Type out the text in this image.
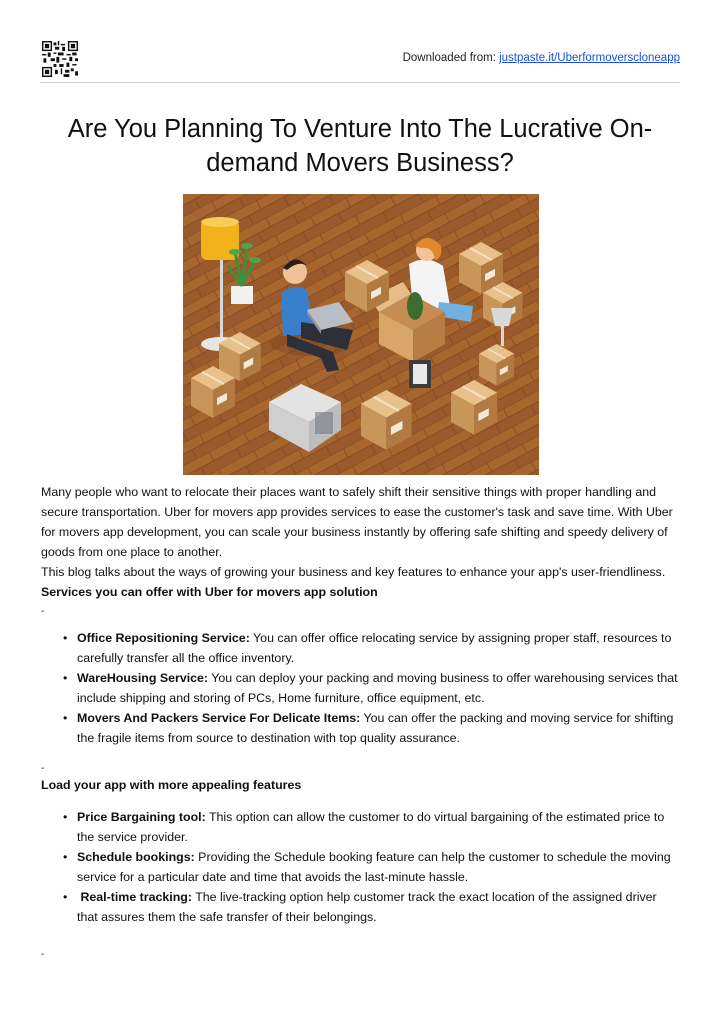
Downloaded from: justpaste.it/Uberformoverscloneapp
Are You Planning To Venture Into The Lucrative On-demand Movers Business?

Many people who want to relocate their places want to safely shift their sensitive things with proper handling and secure transportation. Uber for movers app provides services to ease the customer's task and save time. With Uber for movers app development, you can scale your business instantly by offering safe shifting and speedy delivery of goods from one place to another.

This blog talks about the ways of growing your business and key features to enhance your app's user-friendliness.

Services you can offer with Uber for movers app solution

-
• Office Repositioning Service: You can offer office relocating service by assigning proper staff, resources to carefully transfer all the office inventory.
• WareHousing Service: You can deploy your packing and moving business to offer warehousing services that include shipping and storing of PCs, Home furniture, office equipment, etc.
• Movers And Packers Service For Delicate Items: You can offer the packing and moving service for shifting the fragile items from source to destination with top quality assurance.
-

Load your app with more appealing features

• Price Bargaining tool: This option can allow the customer to do virtual bargaining of the estimated price to the service provider.
• Schedule bookings: Providing the Schedule booking feature can help the customer to schedule the moving service for a particular date and time that avoids the last-minute hassle.
•  Real-time tracking: The live-tracking option help customer track the exact location of the assigned driver that assures them the safe transfer of their belongings.
-
